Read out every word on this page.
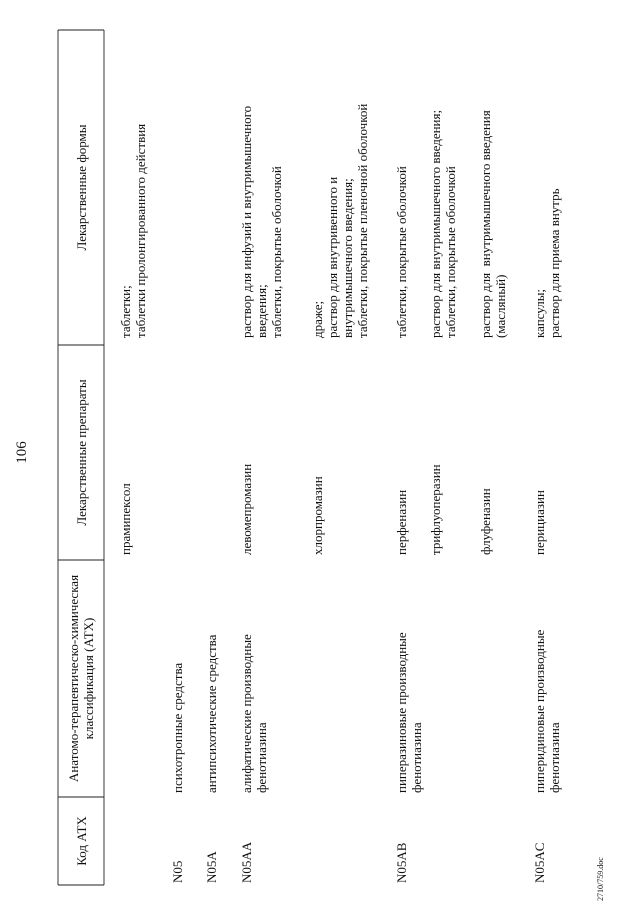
106
Код АТХ
Анатомо-терапевтическо-химическая классификация (АТХ)
Лекарственные препараты
Лекарственные формы
прамипексол
таблетки;
таблетки пролонгированного действия
N05
психотропные средства
N05A
антипсихотические средства
N05AA
алифатические производные
фенотиазина
левомепромазин
раствор для инфузий и внутримышечного
введения;
таблетки, покрытые оболочкой
хлорпромазин
драже;
раствор для внутривенного и
внутримышечного введения;
таблетки, покрытые пленочной оболочкой
N05AB
пиперазиновые производные
фенотиазина
перфеназин
таблетки, покрытые оболочкой
трифлуоперазин
раствор для внутримышечного введения;
таблетки, покрытые оболочкой
флуфеназин
раствор для  внутримышечного введения
(масляный)
N05AC
пиперидиновые производные
фенотиазина
перициазин
капсулы;
раствор для приема внутрь
2710/759.doc
